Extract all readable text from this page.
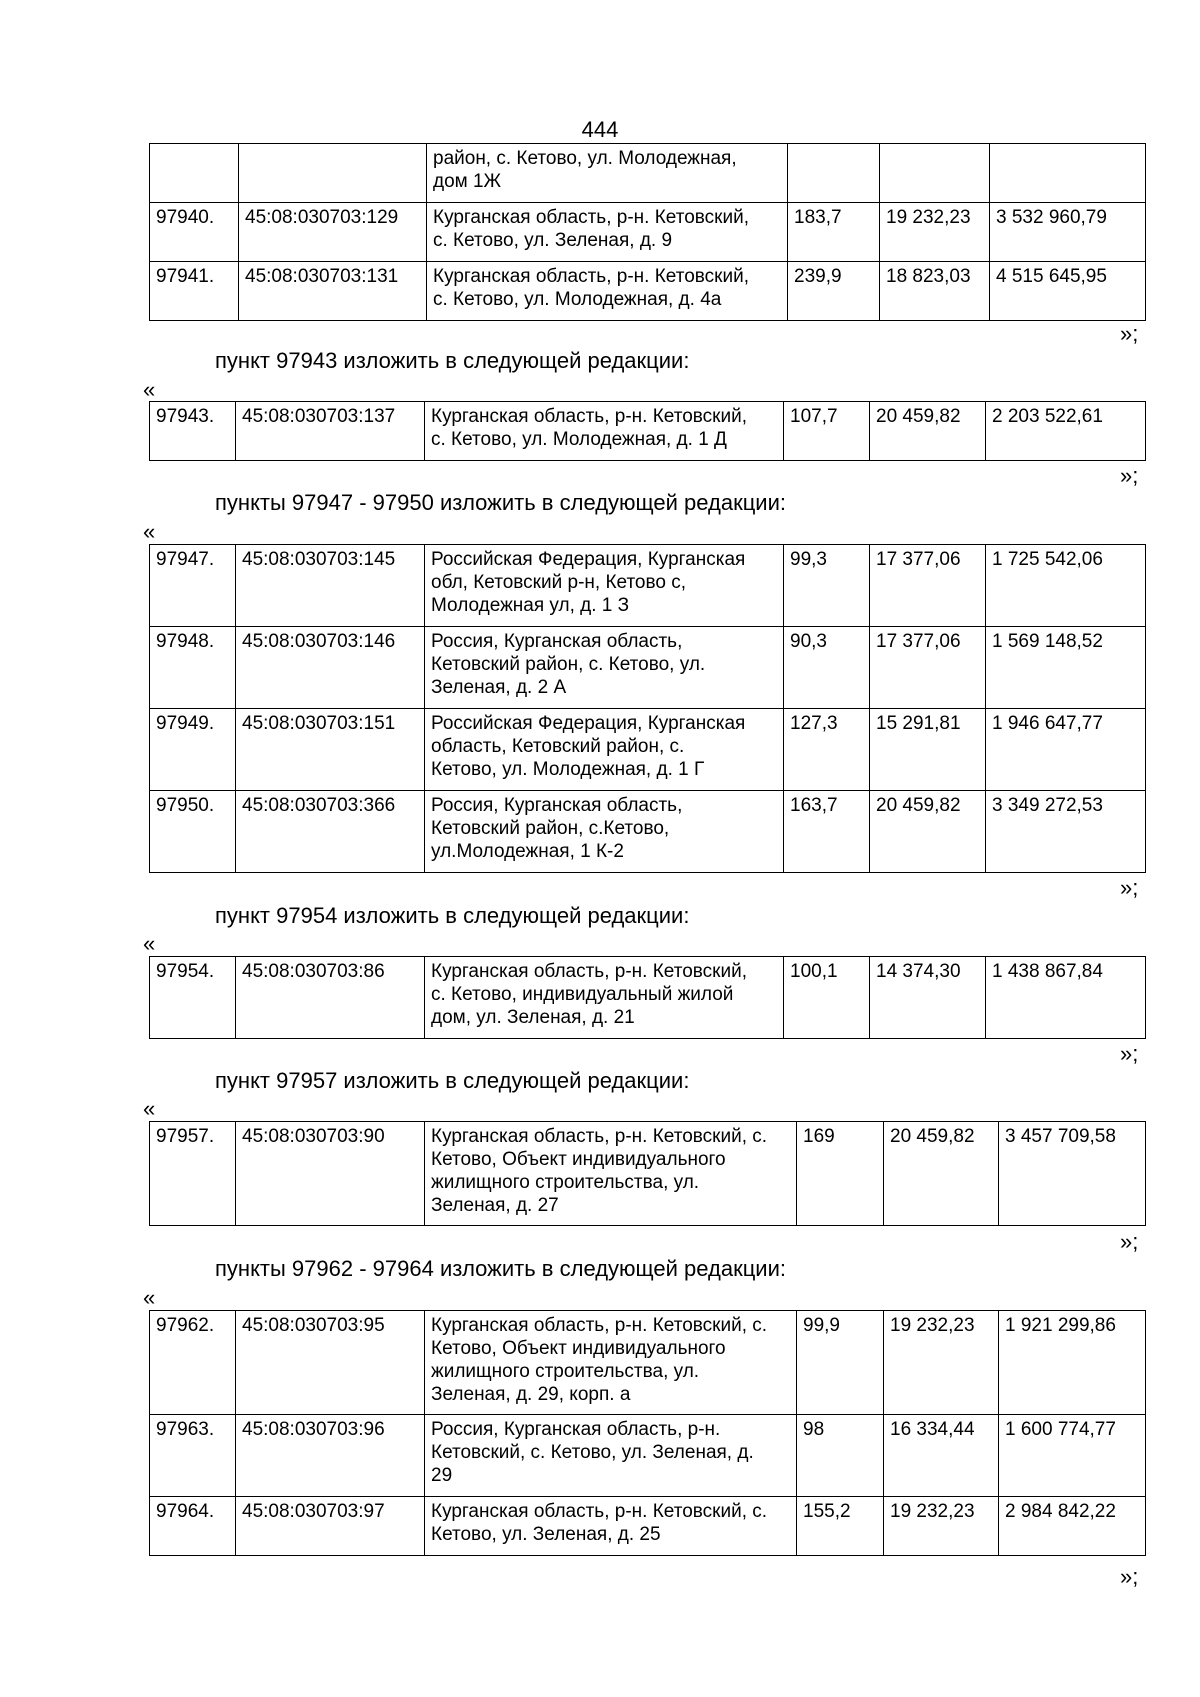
444
		район, с. Кетово, ул. Молодежная,
дом 1Ж			
97940.	45:08:030703:129	Курганская область, р-н. Кетовский,
с. Кетово, ул. Зеленая, д. 9	183,7	19 232,23	3 532 960,79
97941.	45:08:030703:131	Курганская область, р-н. Кетовский,
с. Кетово, ул. Молодежная, д. 4а	239,9	18 823,03	4 515 645,95
»;
пункт 97943 изложить в следующей редакции:
«
97943.	45:08:030703:137	Курганская область, р-н. Кетовский,
с. Кетово, ул. Молодежная, д. 1 Д	107,7	20 459,82	2 203 522,61
»;
пункты 97947 - 97950 изложить в следующей редакции:
«
97947.	45:08:030703:145	Российская Федерация, Курганская
обл, Кетовский р-н, Кетово с,
Молодежная ул, д. 1 З	99,3	17 377,06	1 725 542,06
97948.	45:08:030703:146	Россия, Курганская область,
Кетовский район, с. Кетово, ул.
Зеленая, д. 2 А	90,3	17 377,06	1 569 148,52
97949.	45:08:030703:151	Российская Федерация, Курганская
область, Кетовский район, с.
Кетово, ул. Молодежная, д. 1 Г	127,3	15 291,81	1 946 647,77
97950.	45:08:030703:366	Россия, Курганская область,
Кетовский район, с.Кетово,
ул.Молодежная, 1 К-2	163,7	20 459,82	3 349 272,53
»;
пункт 97954 изложить в следующей редакции:
«
97954.	45:08:030703:86	Курганская область, р-н. Кетовский,
с. Кетово, индивидуальный жилой
дом, ул. Зеленая, д. 21	100,1	14 374,30	1 438 867,84
»;
пункт 97957 изложить в следующей редакции:
«
97957.	45:08:030703:90	Курганская область, р-н. Кетовский, с.
Кетово, Объект индивидуального
жилищного строительства, ул.
Зеленая, д. 27	169	20 459,82	3 457 709,58
»;
пункты 97962 - 97964 изложить в следующей редакции:
«
97962.	45:08:030703:95	Курганская область, р-н. Кетовский, с.
Кетово, Объект индивидуального
жилищного строительства, ул.
Зеленая, д. 29, корп. а	99,9	19 232,23	1 921 299,86
97963.	45:08:030703:96	Россия, Курганская область, р-н.
Кетовский, с. Кетово, ул. Зеленая, д.
29	98	16 334,44	1 600 774,77
97964.	45:08:030703:97	Курганская область, р-н. Кетовский, с.
Кетово, ул. Зеленая, д. 25	155,2	19 232,23	2 984 842,22
»;
